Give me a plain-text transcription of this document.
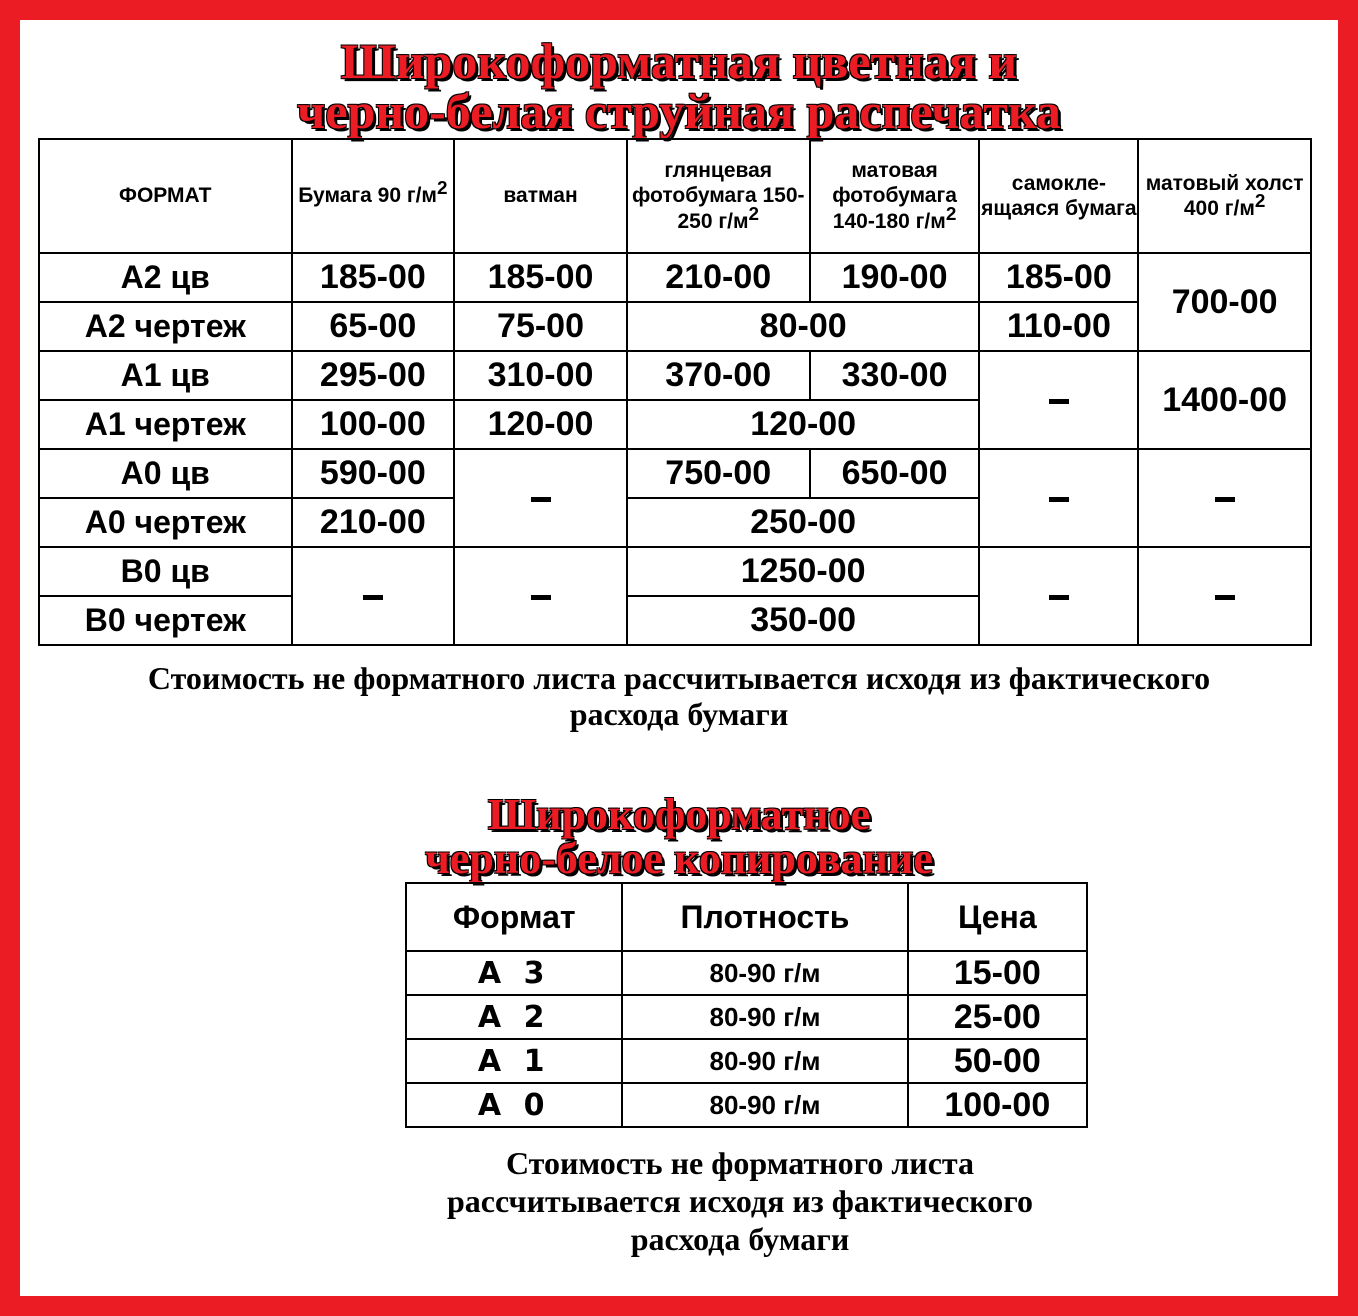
Широкоформатная цветная и
черно-белая струйная распечатка
ФОРМАТ	Бумага 90 $г/м^2$	ватман	глянцевая фотобумага 150-250 $г/м^2$	матовая фотобумага 140-180 $г/м^2$	самокле- ящаяся бумага	матовый холст 400 $г/м^2$
А2 цв	185-00	185-00	210-00	190-00	185-00	700-00
А2 чертеж	65-00	75-00	80-00		110-00	
А1 цв	295-00	310-00	370-00	330-00		1400-00
А1 чертеж	100-00	120-00	120-00			
А0 цв	590-00		750-00	650-00		
А0 чертеж	210-00		250-00			
В0 цв			1250-00			
В0 чертеж			350-00			

Стоимость не форматного листа рассчитывается исходя из фактического
расхода бумаги

Широкоформатное
черно-белое копирование
Формат	Плотность	Цена
А 3	80-90 г/м	15-00
А 2	80-90 г/м	25-00
А 1	80-90 г/м	50-00
А 0	80-90 г/м	100-00

Стоимость не форматного листа
рассчитывается исходя из фактического
расхода бумаги
